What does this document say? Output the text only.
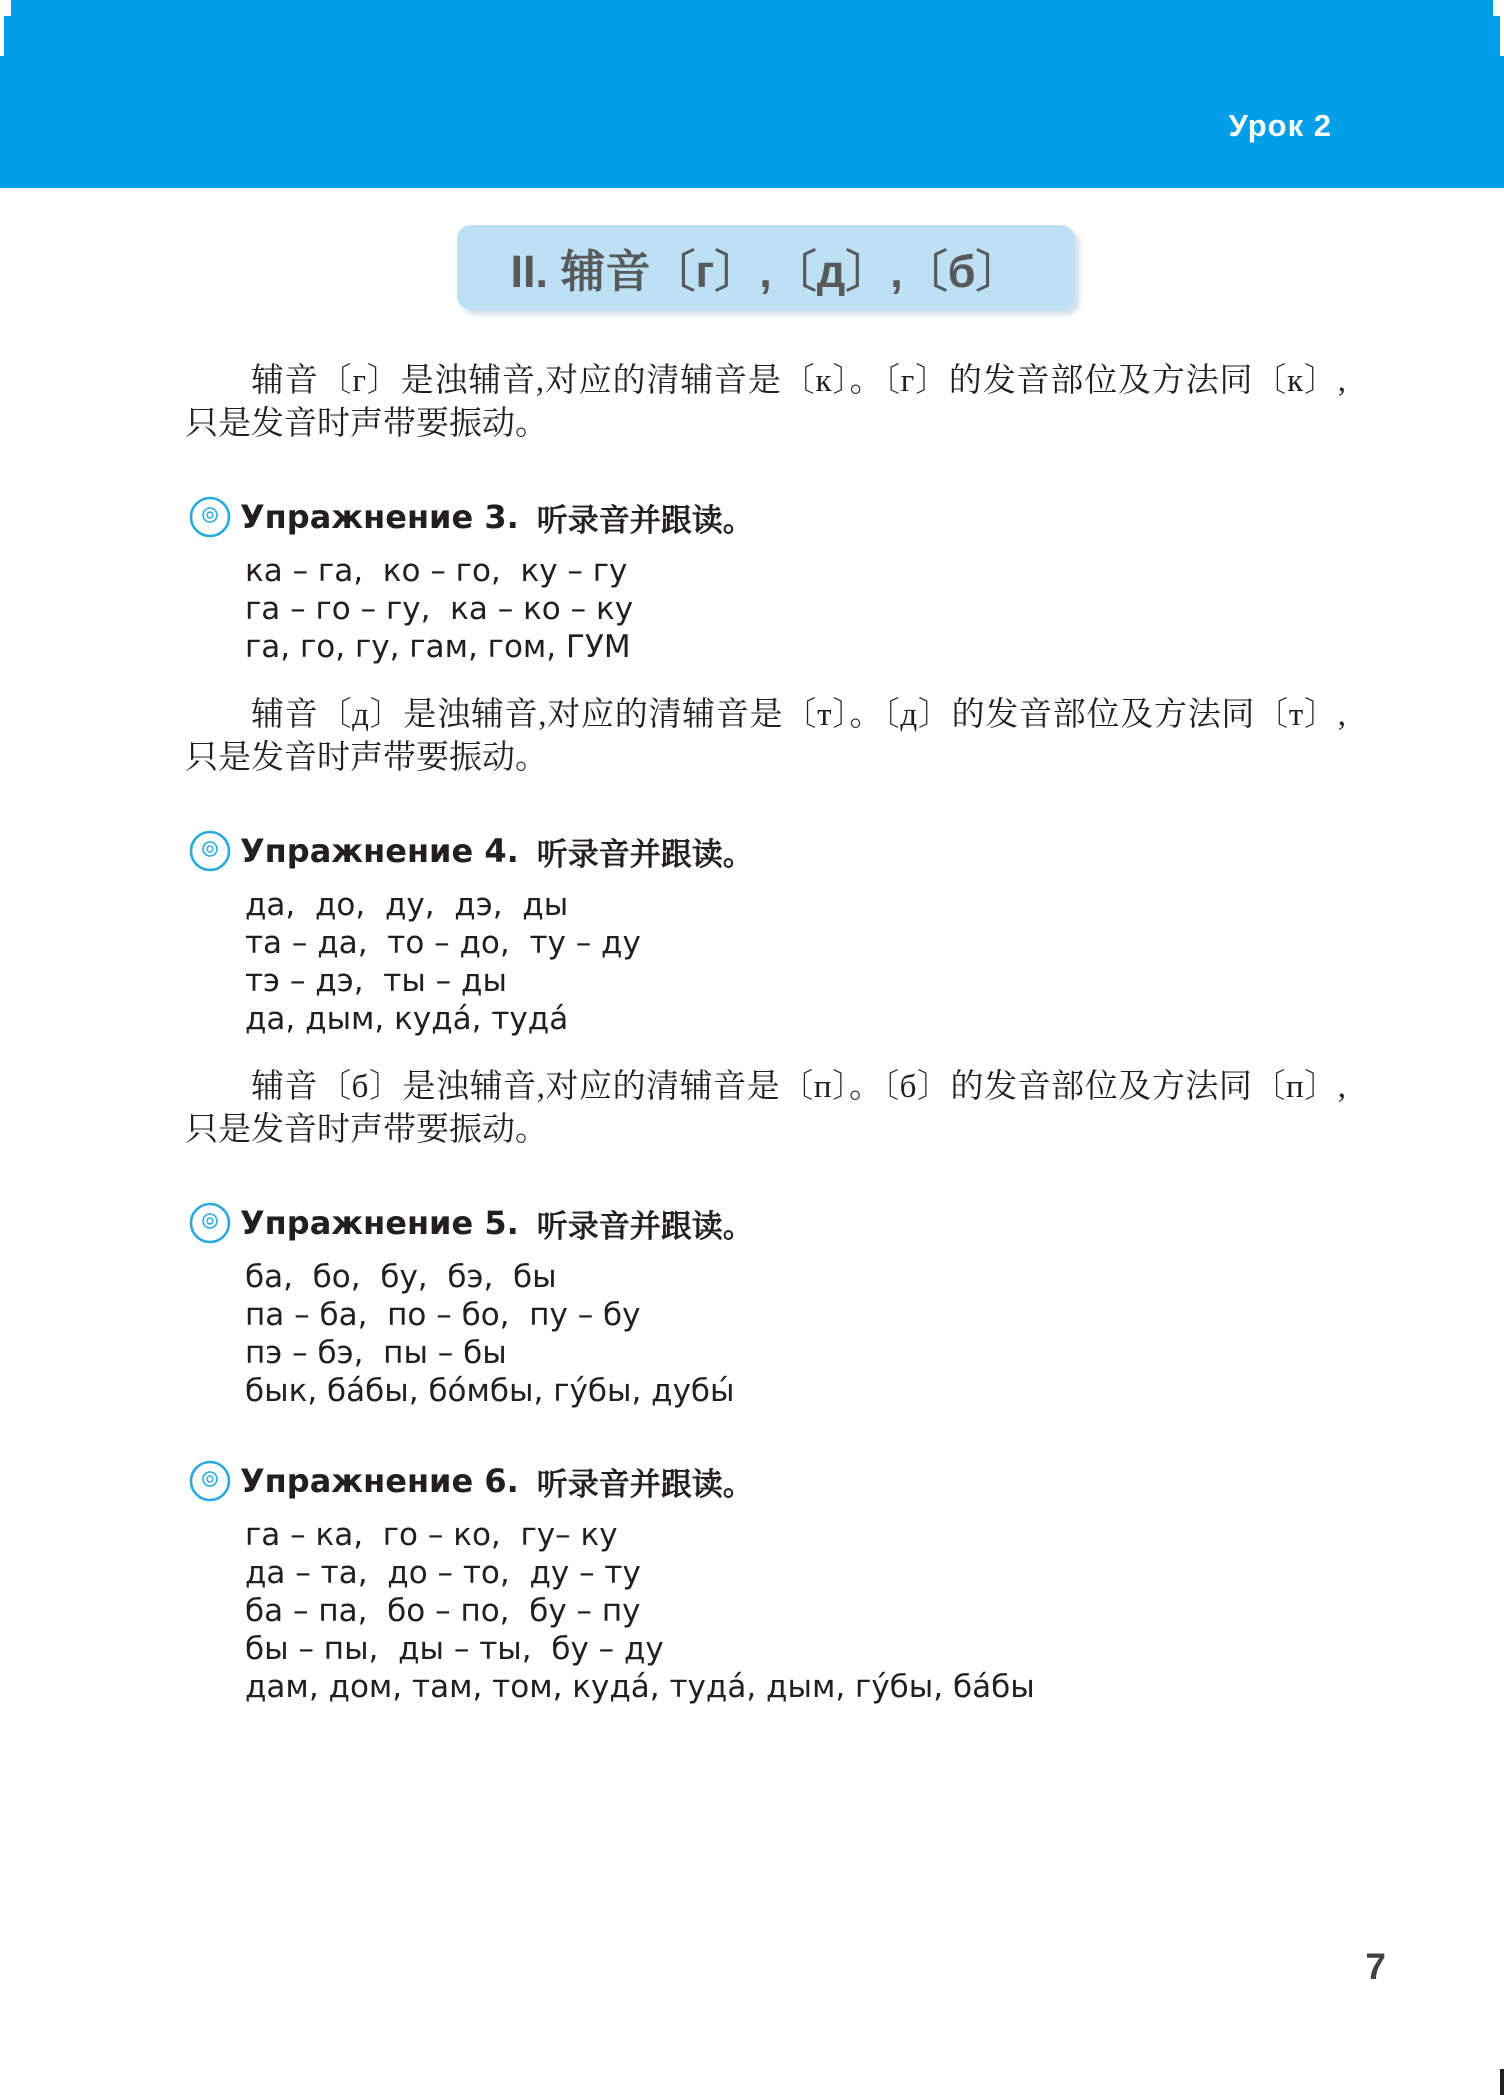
Урок 2
II. 辅音〔г〕,〔д〕,〔б〕

辅音〔г〕是浊辅音,对应的清辅音是〔к〕。〔г〕的发音部位及方法同〔к〕,只是发音时声带要振动。

Упражнение 3. 听录音并跟读。
ка – га,  ко – го,  ку – гу
га – го – гу,  ка – ко – ку
га, го, гу, гам, гом, ГУМ

辅音〔д〕是浊辅音,对应的清辅音是〔т〕。〔д〕的发音部位及方法同〔т〕,只是发音时声带要振动。

Упражнение 4. 听录音并跟读。
да,  до,  ду,  дэ,  ды
та – да,  то – до,  ту – ду
тэ – дэ,  ты – ды
да, дым, куда́, туда́

辅音〔б〕是浊辅音,对应的清辅音是〔п〕。〔б〕的发音部位及方法同〔п〕,只是发音时声带要振动。

Упражнение 5. 听录音并跟读。
ба,  бо,  бу,  бэ,  бы
па – ба,  по – бо,  пу – бу
пэ – бэ,  пы – бы
бык, ба́бы, бо́мбы, гу́бы, дубы́
Упражнение 6. 听录音并跟读。
га – ка,  го – ко,  гу– ку
да – та,  до – то,  ду – ту
ба – па,  бо – по,  бу – пу
бы – пы,  ды – ты,  бу – ду
дам, дом, там, том, куда́, туда́, дым, гу́бы, ба́бы
7
